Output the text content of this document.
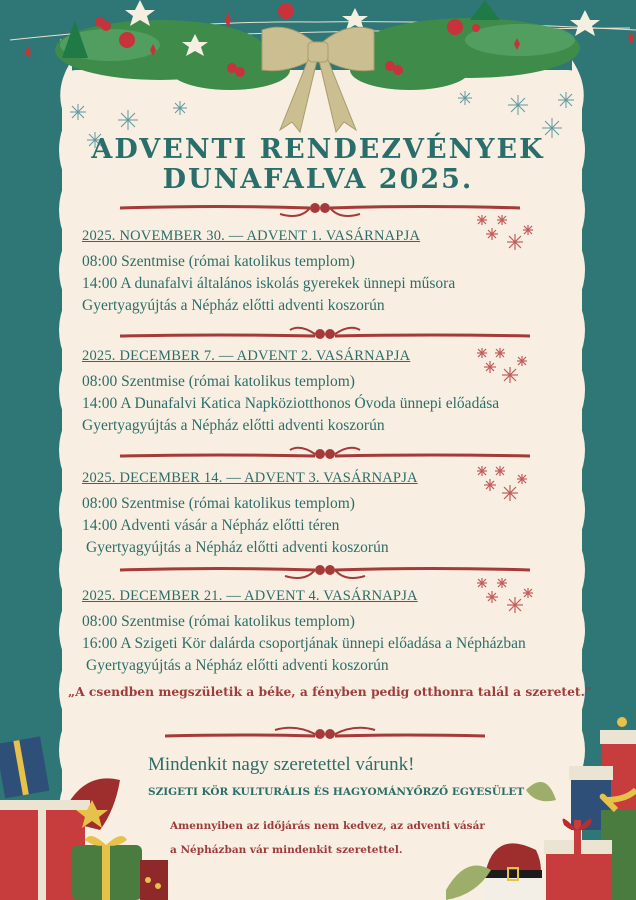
ADVENTI RENDEZVÉNYEK
DUNAFALVA 2025.
2025. NOVEMBER 30. — ADVENT 1. VASÁRNAPJA
08:00 Szentmise (római katolikus templom)
14:00 A dunafalvi általános iskolás gyerekek ünnepi műsora
Gyertyagyújtás a Népház előtti adventi koszorún
2025. DECEMBER 7. — ADVENT 2. VASÁRNAPJA
08:00 Szentmise (római katolikus templom)
14:00 A Dunafalvi Katica Napköziotthonos Óvoda ünnepi előadása
Gyertyagyújtás a Népház előtti adventi koszorún
2025. DECEMBER 14. — ADVENT 3. VASÁRNAPJA
08:00 Szentmise (római katolikus templom)
14:00 Adventi vásár a Népház előtti téren
Gyertyagyújtás a Népház előtti adventi koszorún
2025. DECEMBER 21. — ADVENT 4. VASÁRNAPJA
08:00 Szentmise (római katolikus templom)
16:00 A Szigeti Kör dalárda csoportjának ünnepi előadása a Népházban
Gyertyagyújtás a Népház előtti adventi koszorún
„A csendben megszületik a béke, a fényben pedig otthonra talál a szeretet.”
Mindenkit nagy szeretettel várunk!
SZIGETI KÖR KULTURÁLIS ÉS HAGYOMÁNYŐRZŐ EGYESÜLET
Amennyiben az időjárás nem kedvez, az adventi vásár
a Népházban vár mindenkit szeretettel.
